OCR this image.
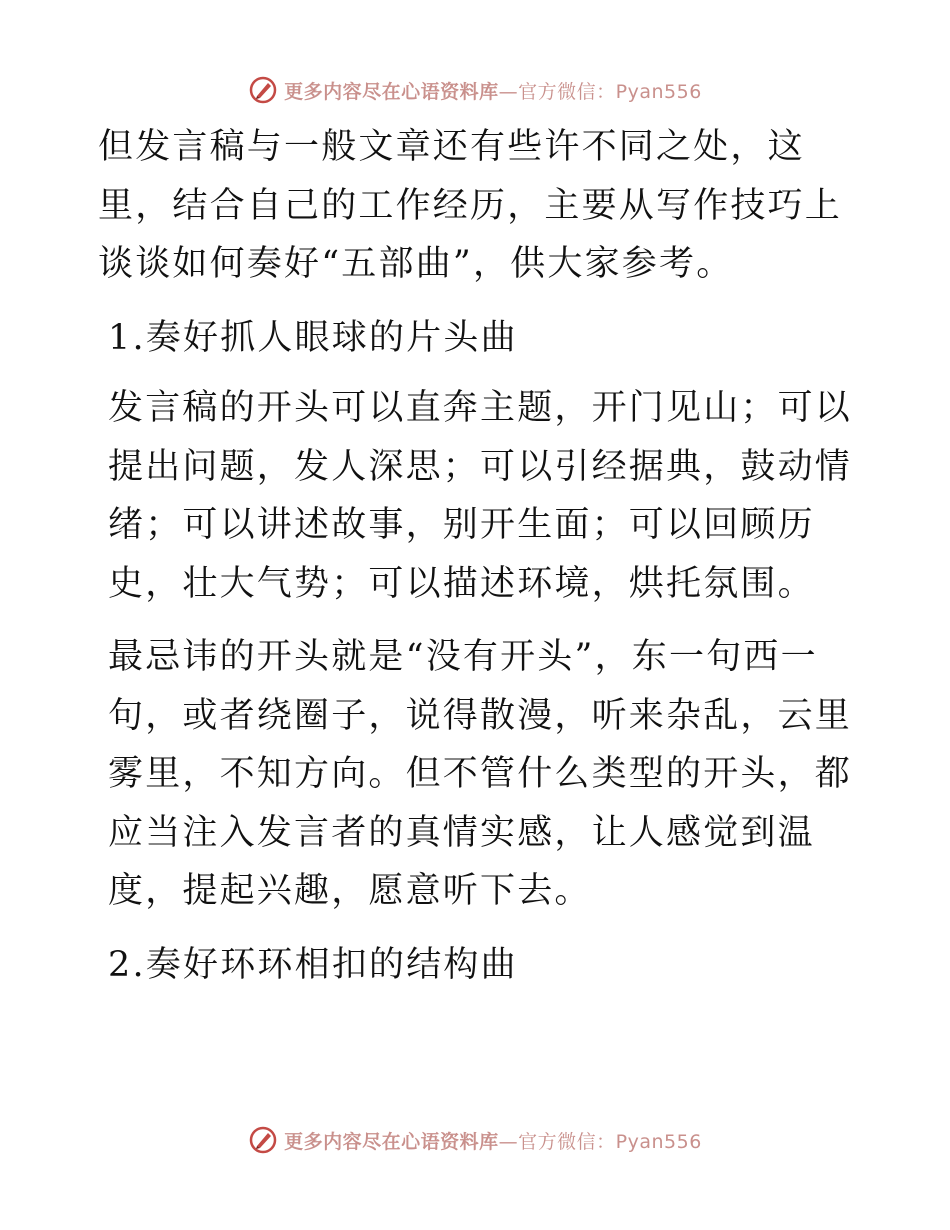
更多内容尽在心语资料库—官方微信：Pyan556

但发言稿与一般文章还有些许不同之处，这里，结合自己的工作经历，主要从写作技巧上谈谈如何奏好“五部曲”，供大家参考。

1.奏好抓人眼球的片头曲

发言稿的开头可以直奔主题，开门见山；可以提出问题，发人深思；可以引经据典，鼓动情绪；可以讲述故事，别开生面；可以回顾历史，壮大气势；可以描述环境，烘托氛围。

最忌讳的开头就是“没有开头”，东一句西一句，或者绕圈子，说得散漫，听来杂乱，云里雾里，不知方向。但不管什么类型的开头，都应当注入发言者的真情实感，让人感觉到温度，提起兴趣，愿意听下去。

2.奏好环环相扣的结构曲

更多内容尽在心语资料库—官方微信：Pyan556
